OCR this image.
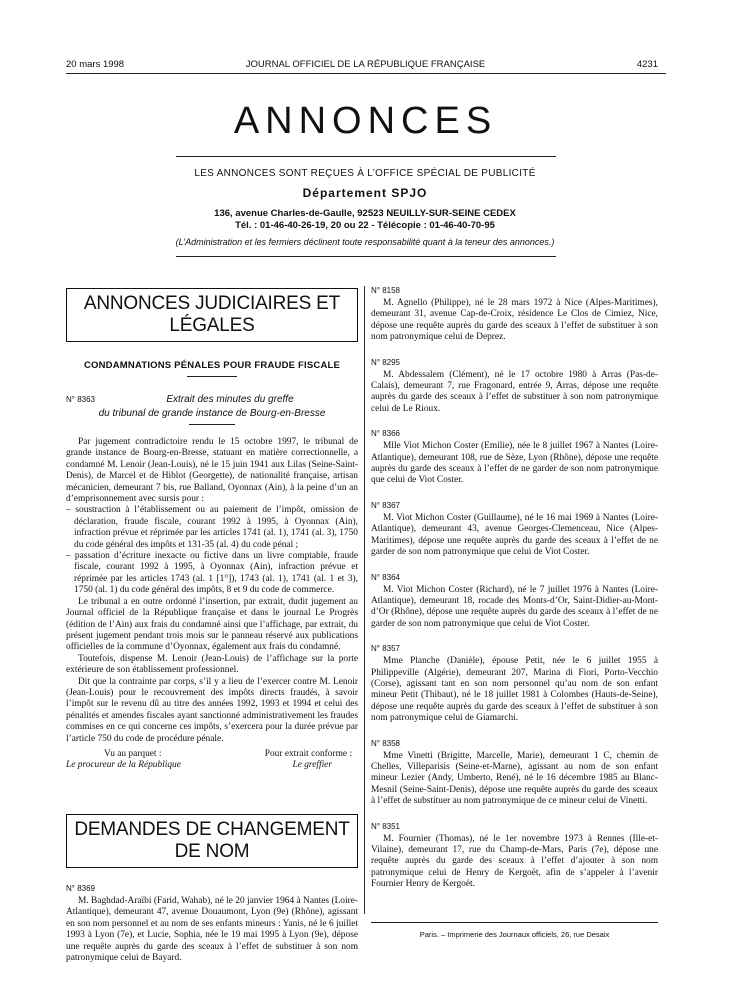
20 mars 1998	JOURNAL OFFICIEL DE LA RÉPUBLIQUE FRANÇAISE	4231
ANNONCES
LES ANNONCES SONT REÇUES À L’OFFICE SPÉCIAL DE PUBLICITÉ
Département SPJO
136, avenue Charles-de-Gaulle, 92523 NEUILLY-SUR-SEINE CEDEX
Tél. : 01-46-40-26-19, 20 ou 22 - Télécopie : 01-46-40-70-95
(L’Administration et les fermiers déclinent toute responsabilité quant à la teneur des annonces.)
ANNONCES JUDICIAIRES ET LÉGALES
CONDAMNATIONS PÉNALES POUR FRAUDE FISCALE
N° 8363	Extrait des minutes du greffe
du tribunal de grande instance de Bourg-en-Bresse

Par jugement contradictoire rendu le 15 octobre 1997, le tribunal de grande instance de Bourg-en-Bresse, statuant en matière correctionnelle, a condamné M. Lenoir (Jean-Louis), né le 15 juin 1941 aux Lilas (Seine-Saint-Denis), de Marcel et de Hiblot (Georgette), de nationalité française, artisan mécanicien, demeurant 7 bis, rue Balland, Oyonnax (Ain), à la peine d’un an d’emprisonnement avec sursis pour :

– soustraction à l’établissement ou au paiement de l’impôt, omission de déclaration, fraude fiscale, courant 1992 à 1995, à Oyonnax (Ain), infraction prévue et réprimée par les articles 1741 (al. 1), 1741 (al. 3), 1750 du code général des impôts et 131-35 (al. 4) du code pénal ;

– passation d’écriture inexacte ou fictive dans un livre comptable, fraude fiscale, courant 1992 à 1995, à Oyonnax (Ain), infraction prévue et réprimée par les articles 1743 (al. 1 [1°]), 1743 (al. 1), 1741 (al. 1 et 3), 1750 (al. 1) du code général des impôts, 8 et 9 du code de commerce.

Le tribunal a en outre ordonné l’insertion, par extrait, dudit jugement au Journal officiel de la République française et dans le journal Le Progrès (édition de l’Ain) aux frais du condamné ainsi que l’affichage, par extrait, du présent jugement pendant trois mois sur le panneau réservé aux publications officielles de la commune d’Oyonnax, également aux frais du condamné.

Toutefois, dispense M. Lenoir (Jean-Louis) de l’affichage sur la porte extérieure de son établissement professionnel.

Dit que la contrainte par corps, s’il y a lieu de l’exercer contre M. Lenoir (Jean-Louis) pour le recouvrement des impôts directs fraudés, à savoir l’impôt sur le revenu dû au titre des années 1992, 1993 et 1994 et celui des pénalités et amendes fiscales ayant sanctionné administrativement les fraudes commises en ce qui concerne ces impôts, s’exercera pour la durée prévue par l’article 750 du code de procédure pénale.

Vu au parquet :	Pour extrait conforme :
Le procureur de la République	Le greffier
DEMANDES DE CHANGEMENT DE NOM
N° 8369
M. Baghdad-Araïbi (Farid, Wahab), né le 20 janvier 1964 à Nantes (Loire-Atlantique), demeurant 47, avenue Douaumont, Lyon (9e) (Rhône), agissant en son nom personnel et au nom de ses enfants mineurs : Yanis, né le 6 juillet 1993 à Lyon (7e), et Lucie, Sophia, née le 19 mai 1995 à Lyon (9e), dépose une requête auprès du garde des sceaux à l’effet de substituer à son nom patronymique celui de Bayard.
N° 8158
M. Agnello (Philippe), né le 28 mars 1972 à Nice (Alpes-Maritimes), demeurant 31, avenue Cap-de-Croix, résidence Le Clos de Cimiez, Nice, dépose une requête auprès du garde des sceaux à l’effet de substituer à son nom patronymique celui de Deprez.
N° 8295
M. Abdessalem (Clément), né le 17 octobre 1980 à Arras (Pas-de-Calais), demeurant 7, rue Fragonard, entrée 9, Arras, dépose une requête auprès du garde des sceaux à l’effet de substituer à son nom patronymique celui de Le Rioux.
N° 8366
Mlle Viot Michon Coster (Emilie), née le 8 juillet 1967 à Nantes (Loire-Atlantique), demeurant 108, rue de Sèze, Lyon (Rhône), dépose une requête auprès du garde des sceaux à l’effet de ne garder de son nom patronymique que celui de Viot Coster.
N° 8367
M. Viot Michon Coster (Guillaume), né le 16 mai 1969 à Nantes (Loire-Atlantique), demeurant 43, avenue Georges-Clemenceau, Nice (Alpes-Maritimes), dépose une requête auprès du garde des sceaux à l’effet de ne garder de son nom patronymique que celui de Viot Coster.
N° 8364
M. Viot Michon Coster (Richard), né le 7 juillet 1976 à Nantes (Loire-Atlantique), demeurant 18, rocade des Monts-d’Or, Saint-Didier-au-Mont-d’Or (Rhône), dépose une requête auprès du garde des sceaux à l’effet de ne garder de son nom patronymique que celui de Viot Coster.
N° 8357
Mme Planche (Danièle), épouse Petit, née le 6 juillet 1955 à Philippeville (Algérie), demeurant 207, Marina di Fiori, Porto-Vecchio (Corse), agissant tant en son nom personnel qu’au nom de son enfant mineur Petit (Thibaut), né le 18 juillet 1981 à Colombes (Hauts-de-Seine), dépose une requête auprès du garde des sceaux à l’effet de substituer à son nom patronymique celui de Giamarchi.
N° 8358
Mme Vinetti (Brigitte, Marcelle, Marie), demeurant 1 C, chemin de Chelles, Villeparisis (Seine-et-Marne), agissant au nom de son enfant mineur Lezier (Andy, Umberto, René), né le 16 décembre 1985 au Blanc-Mesnil (Seine-Saint-Denis), dépose une requête auprès du garde des sceaux à l’effet de substituer au nom patronymique de ce mineur celui de Vinetti.
N° 8351
M. Fournier (Thomas), né le 1er novembre 1973 à Rennes (Ille-et-Vilaine), demeurant 17, rue du Champ-de-Mars, Paris (7e), dépose une requête auprès du garde des sceaux à l’effet d’ajouter à son nom patronymique celui de Henry de Kergoët, afin de s’appeler à l’avenir Fournier Henry de Kergoët.
Paris. – Imprimerie des Journaux officiels, 26, rue Desaix
